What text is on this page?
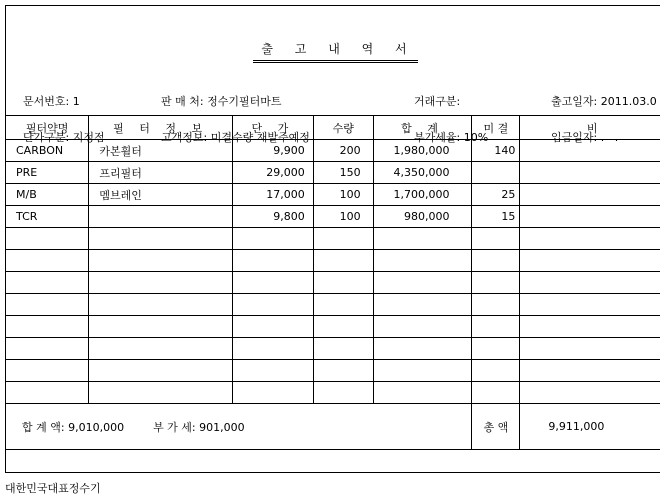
출 고 내 역 서

문서번호: 1

단가구분: 지정점

판 매 처: 정수기필터마트

고객정보: 미결수량 재발주예정

거래구분:

부가세율: 10%

출고일자: 2011.03.0

입금일자: .   .

필터약명	필 터 정 보	단 가	수량	합 계	미 결	비
CARBON	카본휠터	9,900	200	1,980,000	140	
PRE	프리필터	29,000	150	4,350,000		
M/B	멤브레인	17,000	100	1,700,000	25	
TCR		9,800	100	980,000	15	

합 계 액: 9,010,000 부 가 세: 901,000					총 액	9,911,000
대한민국대표정수기
